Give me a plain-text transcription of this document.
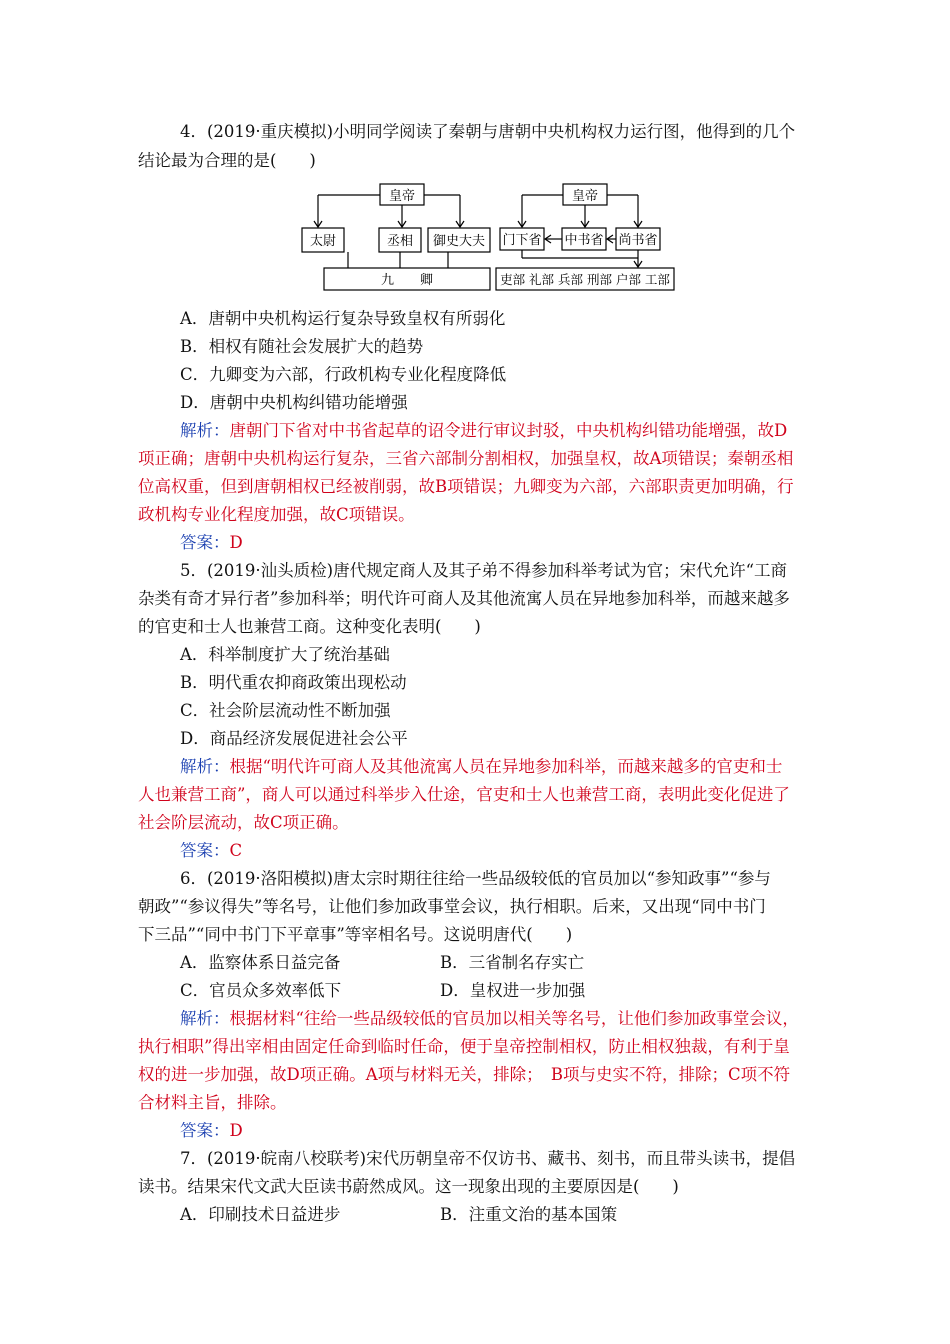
4．(2019·重庆模拟)小明同学阅读了秦朝与唐朝中央机构权力运行图，他得到的几个
结论最为合理的是(　　)
皇帝
太尉	丞相 御史大夫
九　　卿
皇帝
门下省 中书省 尚书省
吏部 礼部 兵部 刑部 户部 工部
A．唐朝中央机构运行复杂导致皇权有所弱化
B．相权有随社会发展扩大的趋势
C．九卿变为六部，行政机构专业化程度降低
D．唐朝中央机构纠错功能增强
解析：唐朝门下省对中书省起草的诏令进行审议封驳，中央机构纠错功能增强，故D
项正确；唐朝中央机构运行复杂，三省六部制分割相权，加强皇权，故A项错误；秦朝丞相
位高权重，但到唐朝相权已经被削弱，故B项错误；九卿变为六部，六部职责更加明确，行
政机构专业化程度加强，故C项错误。
答案：D
5．(2019·汕头质检)唐代规定商人及其子弟不得参加科举考试为官；宋代允许“工商
杂类有奇才异行者”参加科举；明代许可商人及其他流寓人员在异地参加科举，而越来越多
的官吏和士人也兼营工商。这种变化表明(　　)
A．科举制度扩大了统治基础
B．明代重农抑商政策出现松动
C．社会阶层流动性不断加强
D．商品经济发展促进社会公平
解析：根据“明代许可商人及其他流寓人员在异地参加科举，而越来越多的官吏和士
人也兼营工商”，商人可以通过科举步入仕途，官吏和士人也兼营工商，表明此变化促进了
社会阶层流动，故C项正确。
答案：C
6．(2019·洛阳模拟)唐太宗时期往往给一些品级较低的官员加以“参知政事”“参与
朝政”“参议得失”等名号，让他们参加政事堂会议，执行相职。后来，又出现“同中书门
下三品”“同中书门下平章事”等宰相名号。这说明唐代(　　)
A．监察体系日益完备	B．三省制名存实亡
C．官员众多效率低下	D．皇权进一步加强
解析：根据材料“往给一些品级较低的官员加以相关等名号，让他们参加政事堂会议，
执行相职”得出宰相由固定任命到临时任命，便于皇帝控制相权，防止相权独裁，有利于皇
权的进一步加强，故D项正确。A项与材料无关，排除；　B项与史实不符，排除；C项不符
合材料主旨，排除。
答案：D
7．(2019·皖南八校联考)宋代历朝皇帝不仅访书、藏书、刻书，而且带头读书，提倡
读书。结果宋代文武大臣读书蔚然成风。这一现象出现的主要原因是(　　)
A．印刷技术日益进步	B．注重文治的基本国策
